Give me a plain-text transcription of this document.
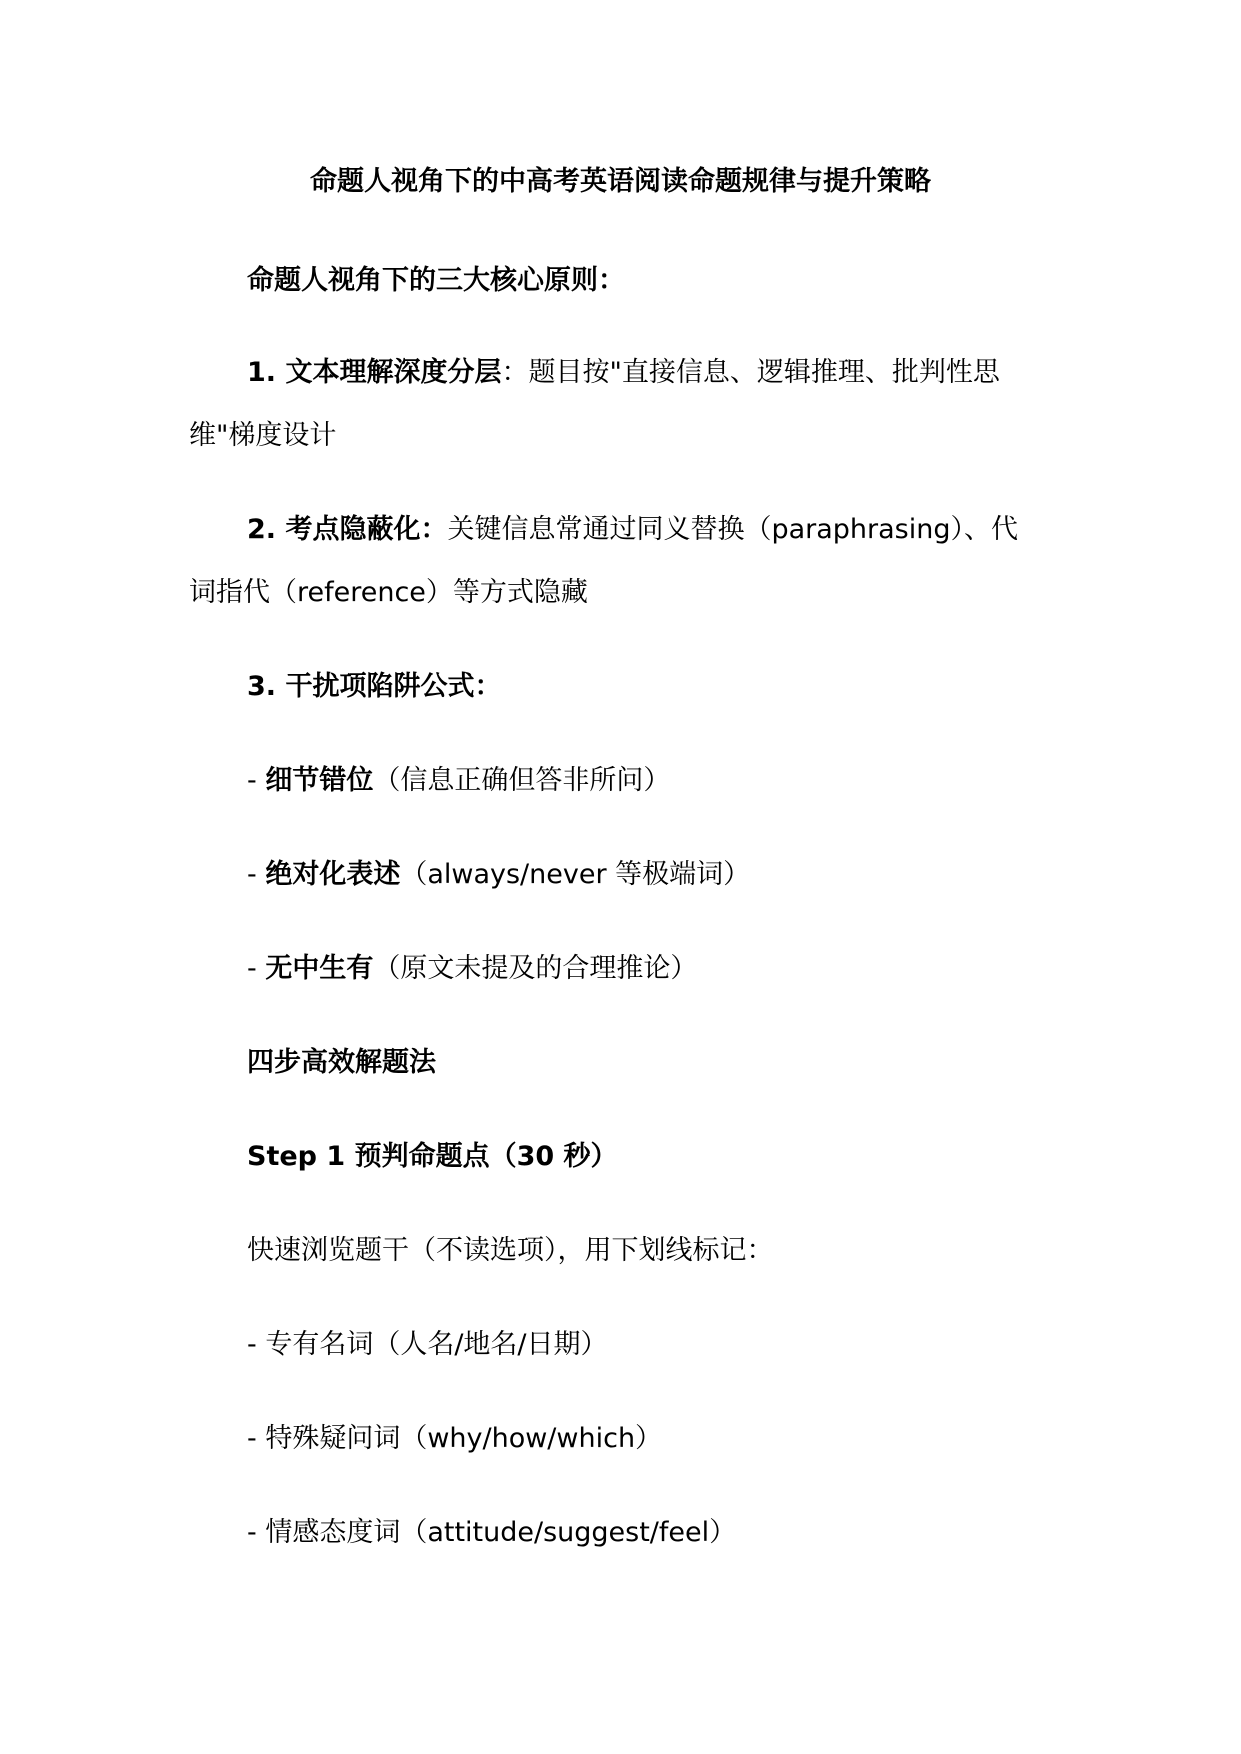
命题人视角下的中高考英语阅读命题规律与提升策略
命题人视角下的三大核心原则：
1. 文本理解深度分层：题目按"直接信息、逻辑推理、批判性思
维"梯度设计
2. 考点隐蔽化：关键信息常通过同义替换（paraphrasing）、代
词指代（reference）等方式隐藏
3. 干扰项陷阱公式：
- 细节错位（信息正确但答非所问）
- 绝对化表述（always/never 等极端词）
- 无中生有（原文未提及的合理推论）
四步高效解题法
Step 1 预判命题点（30 秒）
快速浏览题干（不读选项），用下划线标记：
- 专有名词（人名/地名/日期）
- 特殊疑问词（why/how/which）
- 情感态度词（attitude/suggest/feel）
